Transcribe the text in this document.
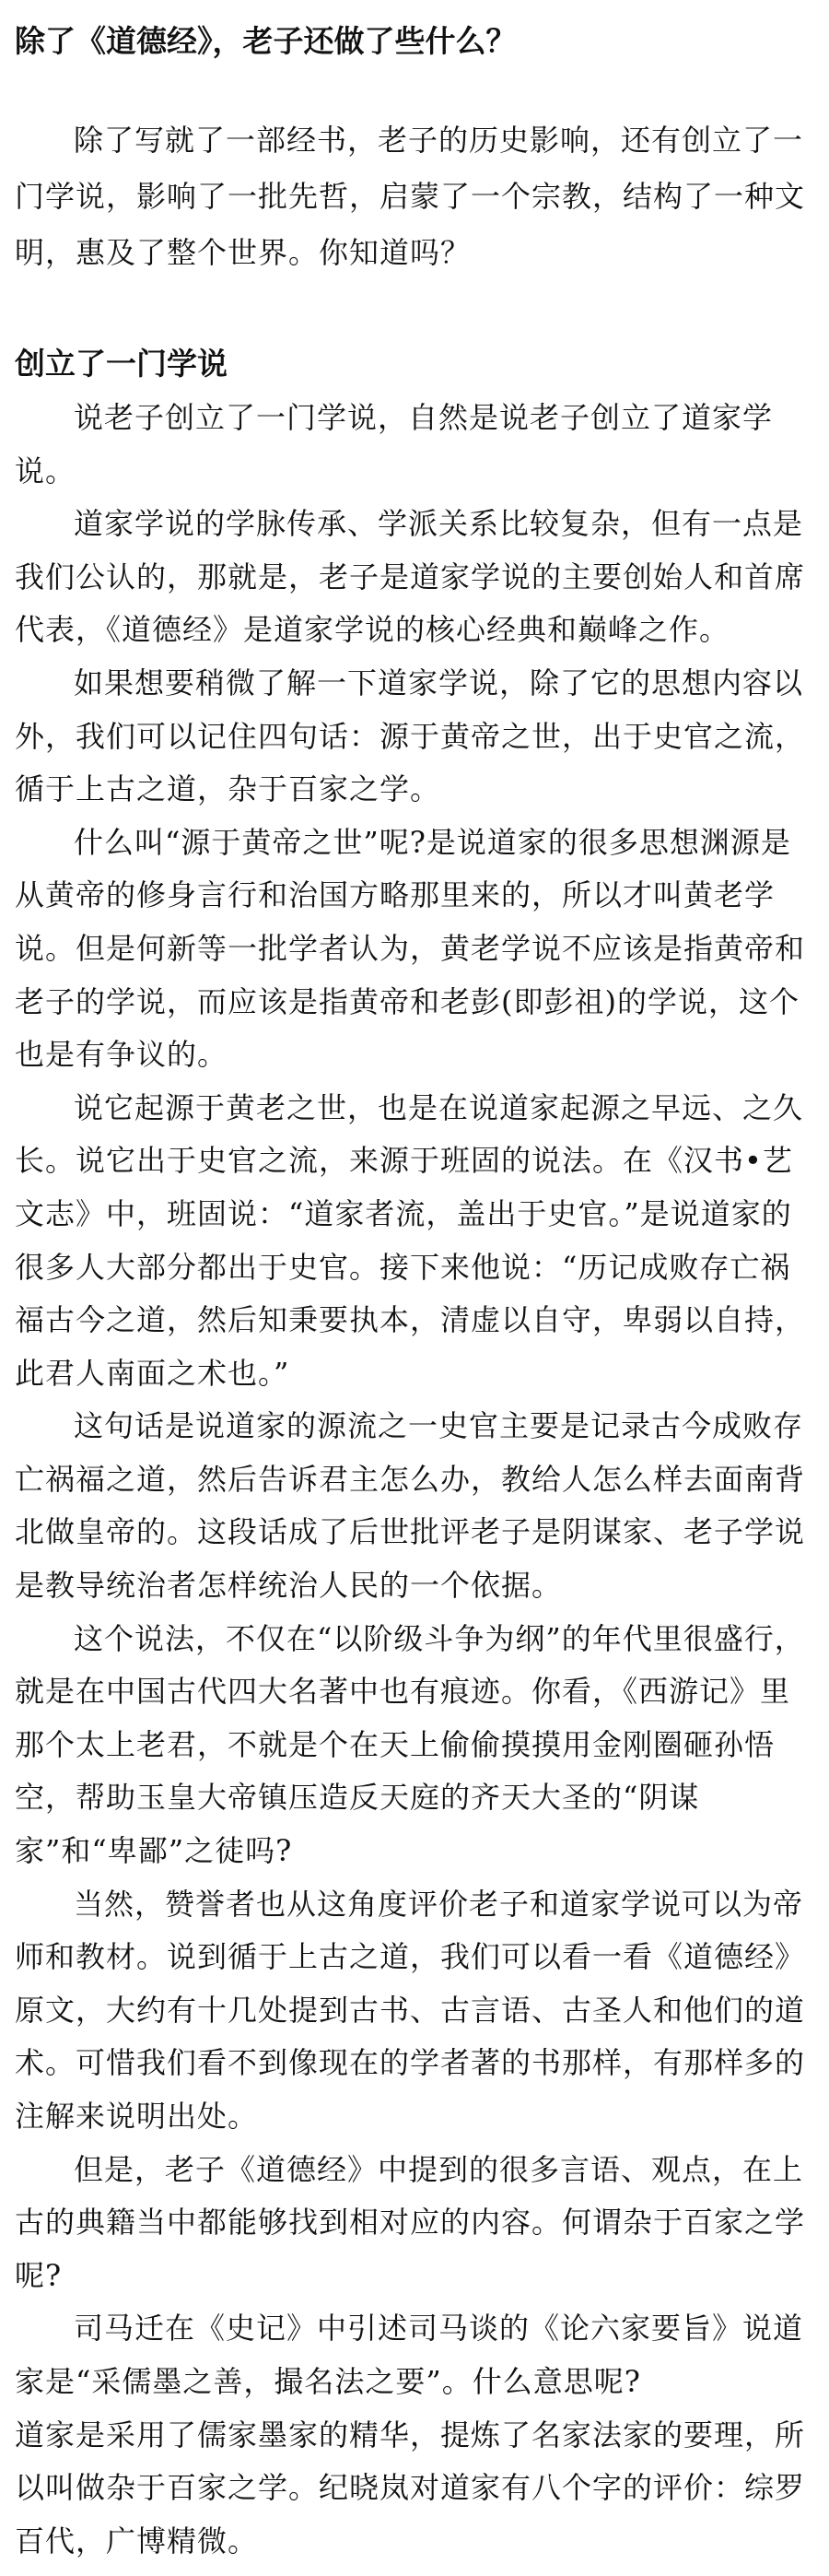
除了《道德经》，老子还做了些什么？

除了写就了一部经书，老子的历史影响，还有创立了一门学说，影响了一批先哲，启蒙了一个宗教，结构了一种文明，惠及了整个世界。你知道吗？

创立了一门学说

说老子创立了一门学说，自然是说老子创立了道家学说。

道家学说的学脉传承、学派关系比较复杂，但有一点是我们公认的，那就是，老子是道家学说的主要创始人和首席代表，《道德经》是道家学说的核心经典和巅峰之作。

如果想要稍微了解一下道家学说，除了它的思想内容以外，我们可以记住四句话：源于黄帝之世，出于史官之流，循于上古之道，杂于百家之学。

什么叫“源于黄帝之世”呢?是说道家的很多思想渊源是从黄帝的修身言行和治国方略那里来的，所以才叫黄老学说。但是何新等一批学者认为，黄老学说不应该是指黄帝和老子的学说，而应该是指黄帝和老彭(即彭祖)的学说，这个也是有争议的。

说它起源于黄老之世，也是在说道家起源之早远、之久长。说它出于史官之流，来源于班固的说法。在《汉书•艺文志》中，班固说：“道家者流，盖出于史官。”是说道家的很多人大部分都出于史官。接下来他说：“历记成败存亡祸福古今之道，然后知秉要执本，清虚以自守，卑弱以自持，此君人南面之术也。”

这句话是说道家的源流之一史官主要是记录古今成败存亡祸福之道，然后告诉君主怎么办，教给人怎么样去面南背北做皇帝的。这段话成了后世批评老子是阴谋家、老子学说是教导统治者怎样统治人民的一个依据。

这个说法，不仅在“以阶级斗争为纲”的年代里很盛行，就是在中国古代四大名著中也有痕迹。你看，《西游记》里那个太上老君，不就是个在天上偷偷摸摸用金刚圈砸孙悟空，帮助玉皇大帝镇压造反天庭的齐天大圣的“阴谋家”和“卑鄙”之徒吗?

当然，赞誉者也从这角度评价老子和道家学说可以为帝师和教材。说到循于上古之道，我们可以看一看《道德经》原文，大约有十几处提到古书、古言语、古圣人和他们的道术。可惜我们看不到像现在的学者著的书那样，有那样多的注解来说明出处。

但是，老子《道德经》中提到的很多言语、观点，在上古的典籍当中都能够找到相对应的内容。何谓杂于百家之学呢?

司马迁在《史记》中引述司马谈的《论六家要旨》说道家是“采儒墨之善，撮名法之要”。什么意思呢?

道家是采用了儒家墨家的精华，提炼了名家法家的要理，所以叫做杂于百家之学。纪晓岚对道家有八个字的评价：综罗百代，广博精微。
